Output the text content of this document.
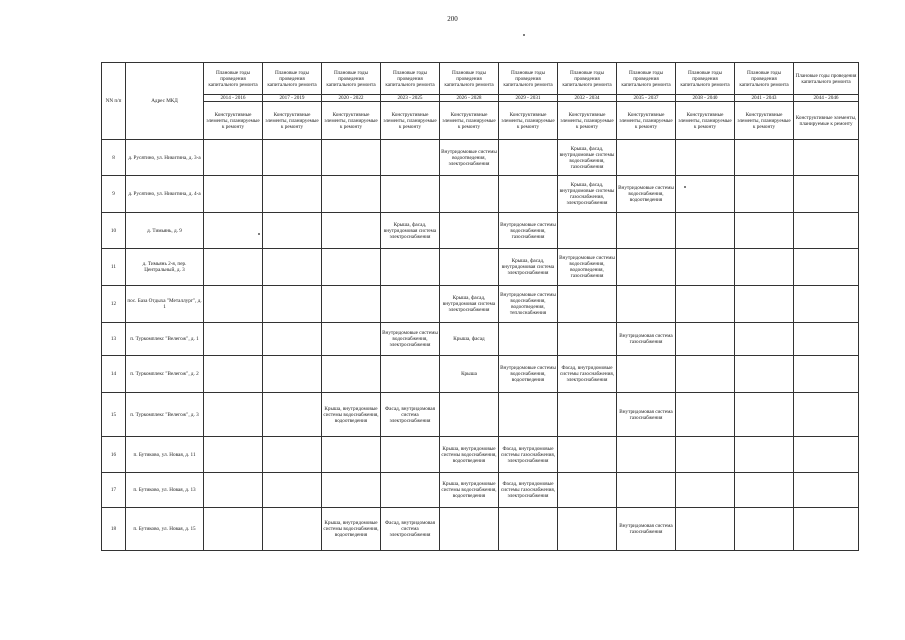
200
NN п/п	Адрес МКД	Плановые годы проведения капитального ремонта	Плановые годы проведения капитального ремонта	Плановые годы проведения капитального ремонта	Плановые годы проведения капитального ремонта	Плановые годы проведения капитального ремонта	Плановые годы проведения капитального ремонта	Плановые годы проведения капитального ремонта	Плановые годы проведения капитального ремонта	Плановые годы проведения капитального ремонта	Плановые годы проведения капитального ремонта	Плановые годы проведения капитального ремонта
		2014 - 2016	2017 - 2019	2020 - 2022	2023 - 2025	2026 - 2028	2029 - 2031	2032 - 2034	2035 - 2037	2038 - 2040	2041 - 2043	2044 - 2046
		Конструктивные элементы, планируемые к ремонту	Конструктивные элементы, планируемые к ремонту	Конструктивные элементы, планируемые к ремонту	Конструктивные элементы, планируемые к ремонту	Конструктивные элементы, планируемые к ремонту	Конструктивные элементы, планируемые к ремонту	Конструктивные элементы, планируемые к ремонту	Конструктивные элементы, планируемые к ремонту	Конструктивные элементы, планируемые к ремонту	Конструктивные элементы, планируемые к ремонту	Конструктивные элементы, планируемые к ремонту
8	д. Русятино, ул. Никитина, д. 3-а					Внутридомовые системы водоотведения, электроснабжения		Крыша, фасад, внутридомовые системы водоснабжения, газоснабжения				
9	д. Русятино, ул. Никитина, д. 4-а							Крыша, фасад, внутридомовые системы газоснабжения, электроснабжения	Внутридомовые системы водоснабжения, водоотведения			
10	д. Тимьянь, д. 9				Крыша, фасад, внутридомовая система электроснабжения		Внутридомовые системы водоснабжения, газоснабжения					
11	д. Тимьянь 2-я, пер. Центральный, д. 3						Крыша, фасад, внутридомовая система электроснабжения	Внутридомовые системы водоснабжения, водоотведения, газоснабжения				
12	пос. База Отдыха "Металлург", д. 1					Крыша, фасад, внутридомовая система электроснабжения	Внутридомовые системы водоснабжения, водоотведения, теплоснабжения					
13	п. Туркомплекс "Велегож", д. 1				Внутридомовые системы водоснабжения, электроснабжения	Крыша, фасад			Внутридомовая система газоснабжения			
14	п. Туркомплекс "Велегож", д. 2					Крыша	Внутридомовые системы водоснабжения, водоотведения	Фасад, внутридомовые системы газоснабжения, электроснабжения				
15	п. Туркомплекс "Велегож", д. 3			Крыша, внутридомовые системы водоснабжения, водоотведения	Фасад, внутридомовая система электроснабжения				Внутридомовая система газоснабжения			
16	п. Бутиково, ул. Новая, д. 11					Крыша, внутридомовые системы водоснабжения, водоотведения	Фасад, внутридомовые системы газоснабжения, электроснабжения					
17	п. Бутиково, ул. Новая, д. 13					Крыша, внутридомовые системы водоснабжения, водоотведения	Фасад, внутридомовые системы газоснабжения, электроснабжения					
18	п. Бутиково, ул. Новая, д. 15			Крыша, внутридомовые системы водоснабжения, водоотведения	Фасад, внутридомовая система электроснабжения				Внутридомовая система газоснабжения			
